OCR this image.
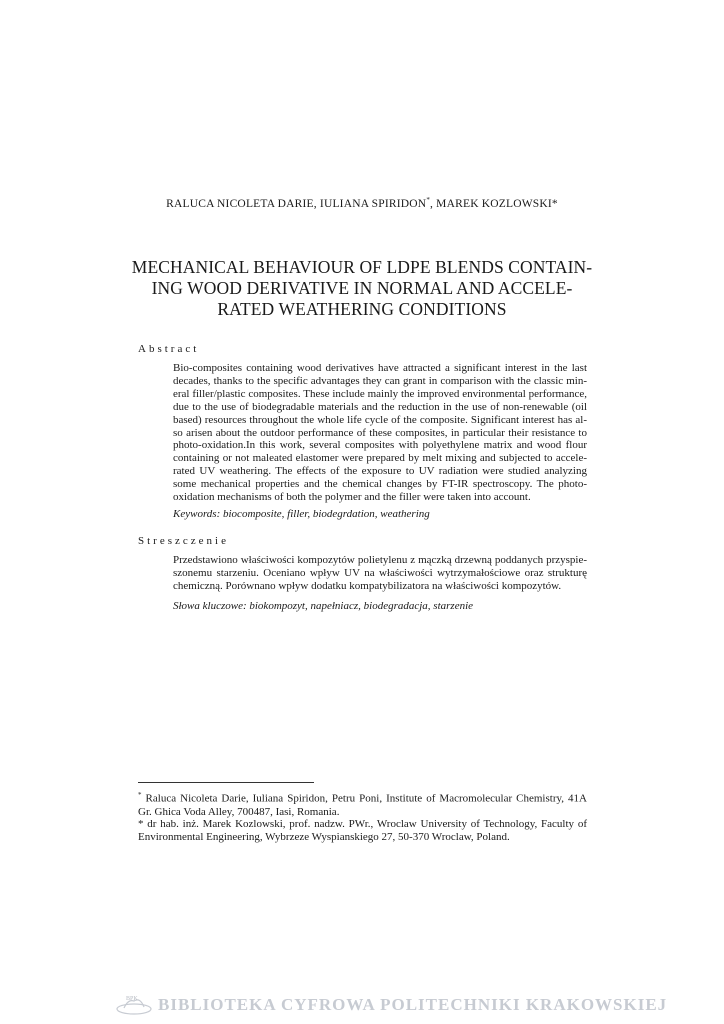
RALUCA NICOLETA DARIE, IULIANA SPIRIDON*, MAREK KOZLOWSKI*
MECHANICAL BEHAVIOUR OF LDPE BLENDS CONTAIN-
ING WOOD DERIVATIVE IN NORMAL AND ACCELE-
RATED WEATHERING CONDITIONS
Abstract
Bio-composites containing wood derivatives have attracted a significant interest in the last
decades, thanks to the specific advantages they can grant in comparison with the classic min-
eral filler/plastic composites. These include mainly the improved environmental performance,
due to the use of biodegradable materials and the reduction in the use of non-renewable (oil
based) resources throughout the whole life cycle of the composite. Significant interest has al-
so arisen about the outdoor performance of these composites, in particular their resistance to
photo-oxidation.In this work, several composites with polyethylene matrix and wood flour
containing or not maleated elastomer were prepared by melt mixing and subjected to accele-
rated UV weathering. The effects of the exposure to UV radiation were studied analyzing
some mechanical properties and the chemical changes by FT-IR spectroscopy. The photo-
oxidation mechanisms of both the polymer and the filler were taken into account.
Keywords: biocomposite, filler, biodegrdation, weathering
Streszczenie
Przedstawiono właściwości kompozytów polietylenu z mączką drzewną poddanych przyspie-
szonemu starzeniu. Oceniano wpływ UV na właściwości wytrzymałościowe oraz strukturę
chemiczną. Porównano wpływ dodatku kompatybilizatora na właściwości kompozytów.
Słowa kluczowe: biokompozyt, napełniacz, biodegradacja, starzenie
* Raluca Nicoleta Darie, Iuliana Spiridon, Petru Poni, Institute of Macromolecular Chemistry, 41A
Gr. Ghica Voda Alley, 700487, Iasi, Romania.
* dr hab. inż. Marek Kozlowski, prof. nadzw. PWr., Wroclaw University of Technology, Faculty of
Environmental Engineering, Wybrzeze Wyspianskiego 27, 50-370 Wroclaw, Poland.
BPK BIBLIOTEKA CYFROWA POLITECHNIKI KRAKOWSKIEJ
